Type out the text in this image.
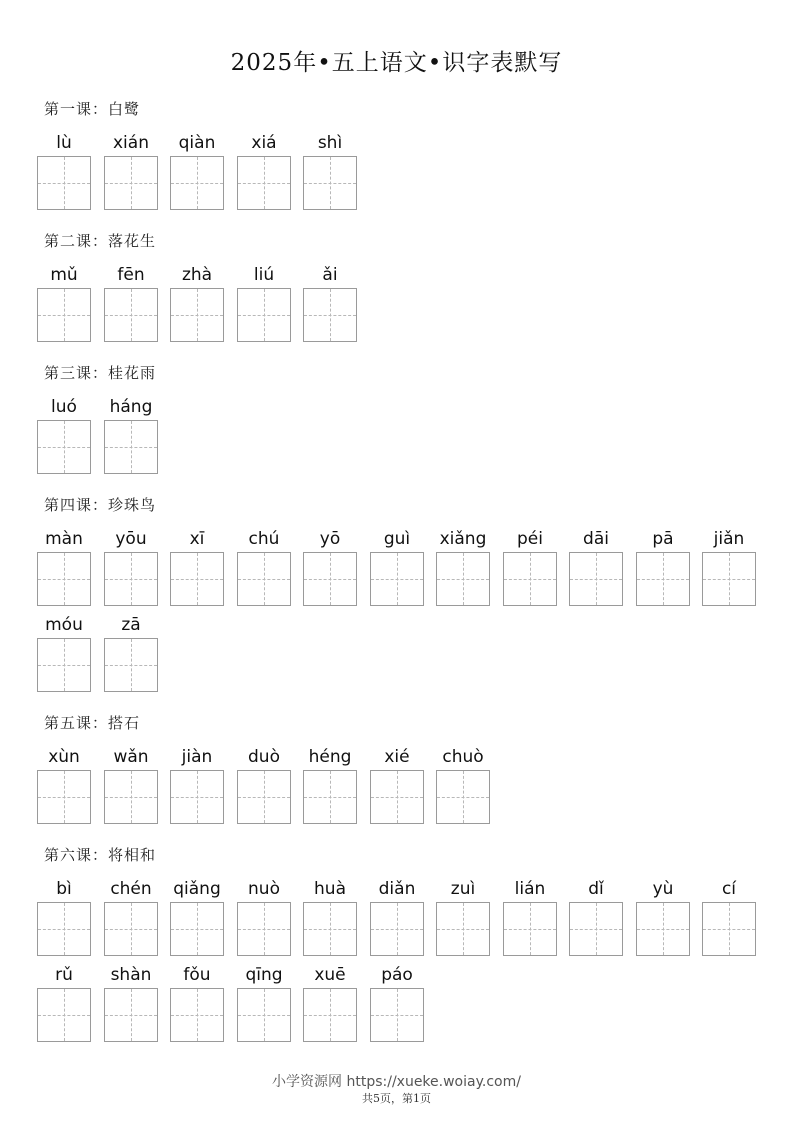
2025年•五上语文•识字表默写
第一课：白鹭
lù	xián	qiàn	xiá	shì
第二课：落花生
mǔ	fēn	zhà	liú	ǎi
第三课：桂花雨
luó	háng
第四课：珍珠鸟
màn	yōu	xī	chú	yō	guì	xiǎng	péi	dāi	pā	jiǎn
móu	zā
第五课：搭石
xùn	wǎn	jiàn	duò	héng	xié	chuò
第六课：将相和
bì	chén	qiǎng	nuò	huà	diǎn	zuì	lián	dǐ	yù	cí
rǔ	shàn	fǒu	qīng	xuē	páo
小学资源网 https://xueke.woiay.com/
共5页，第1页
